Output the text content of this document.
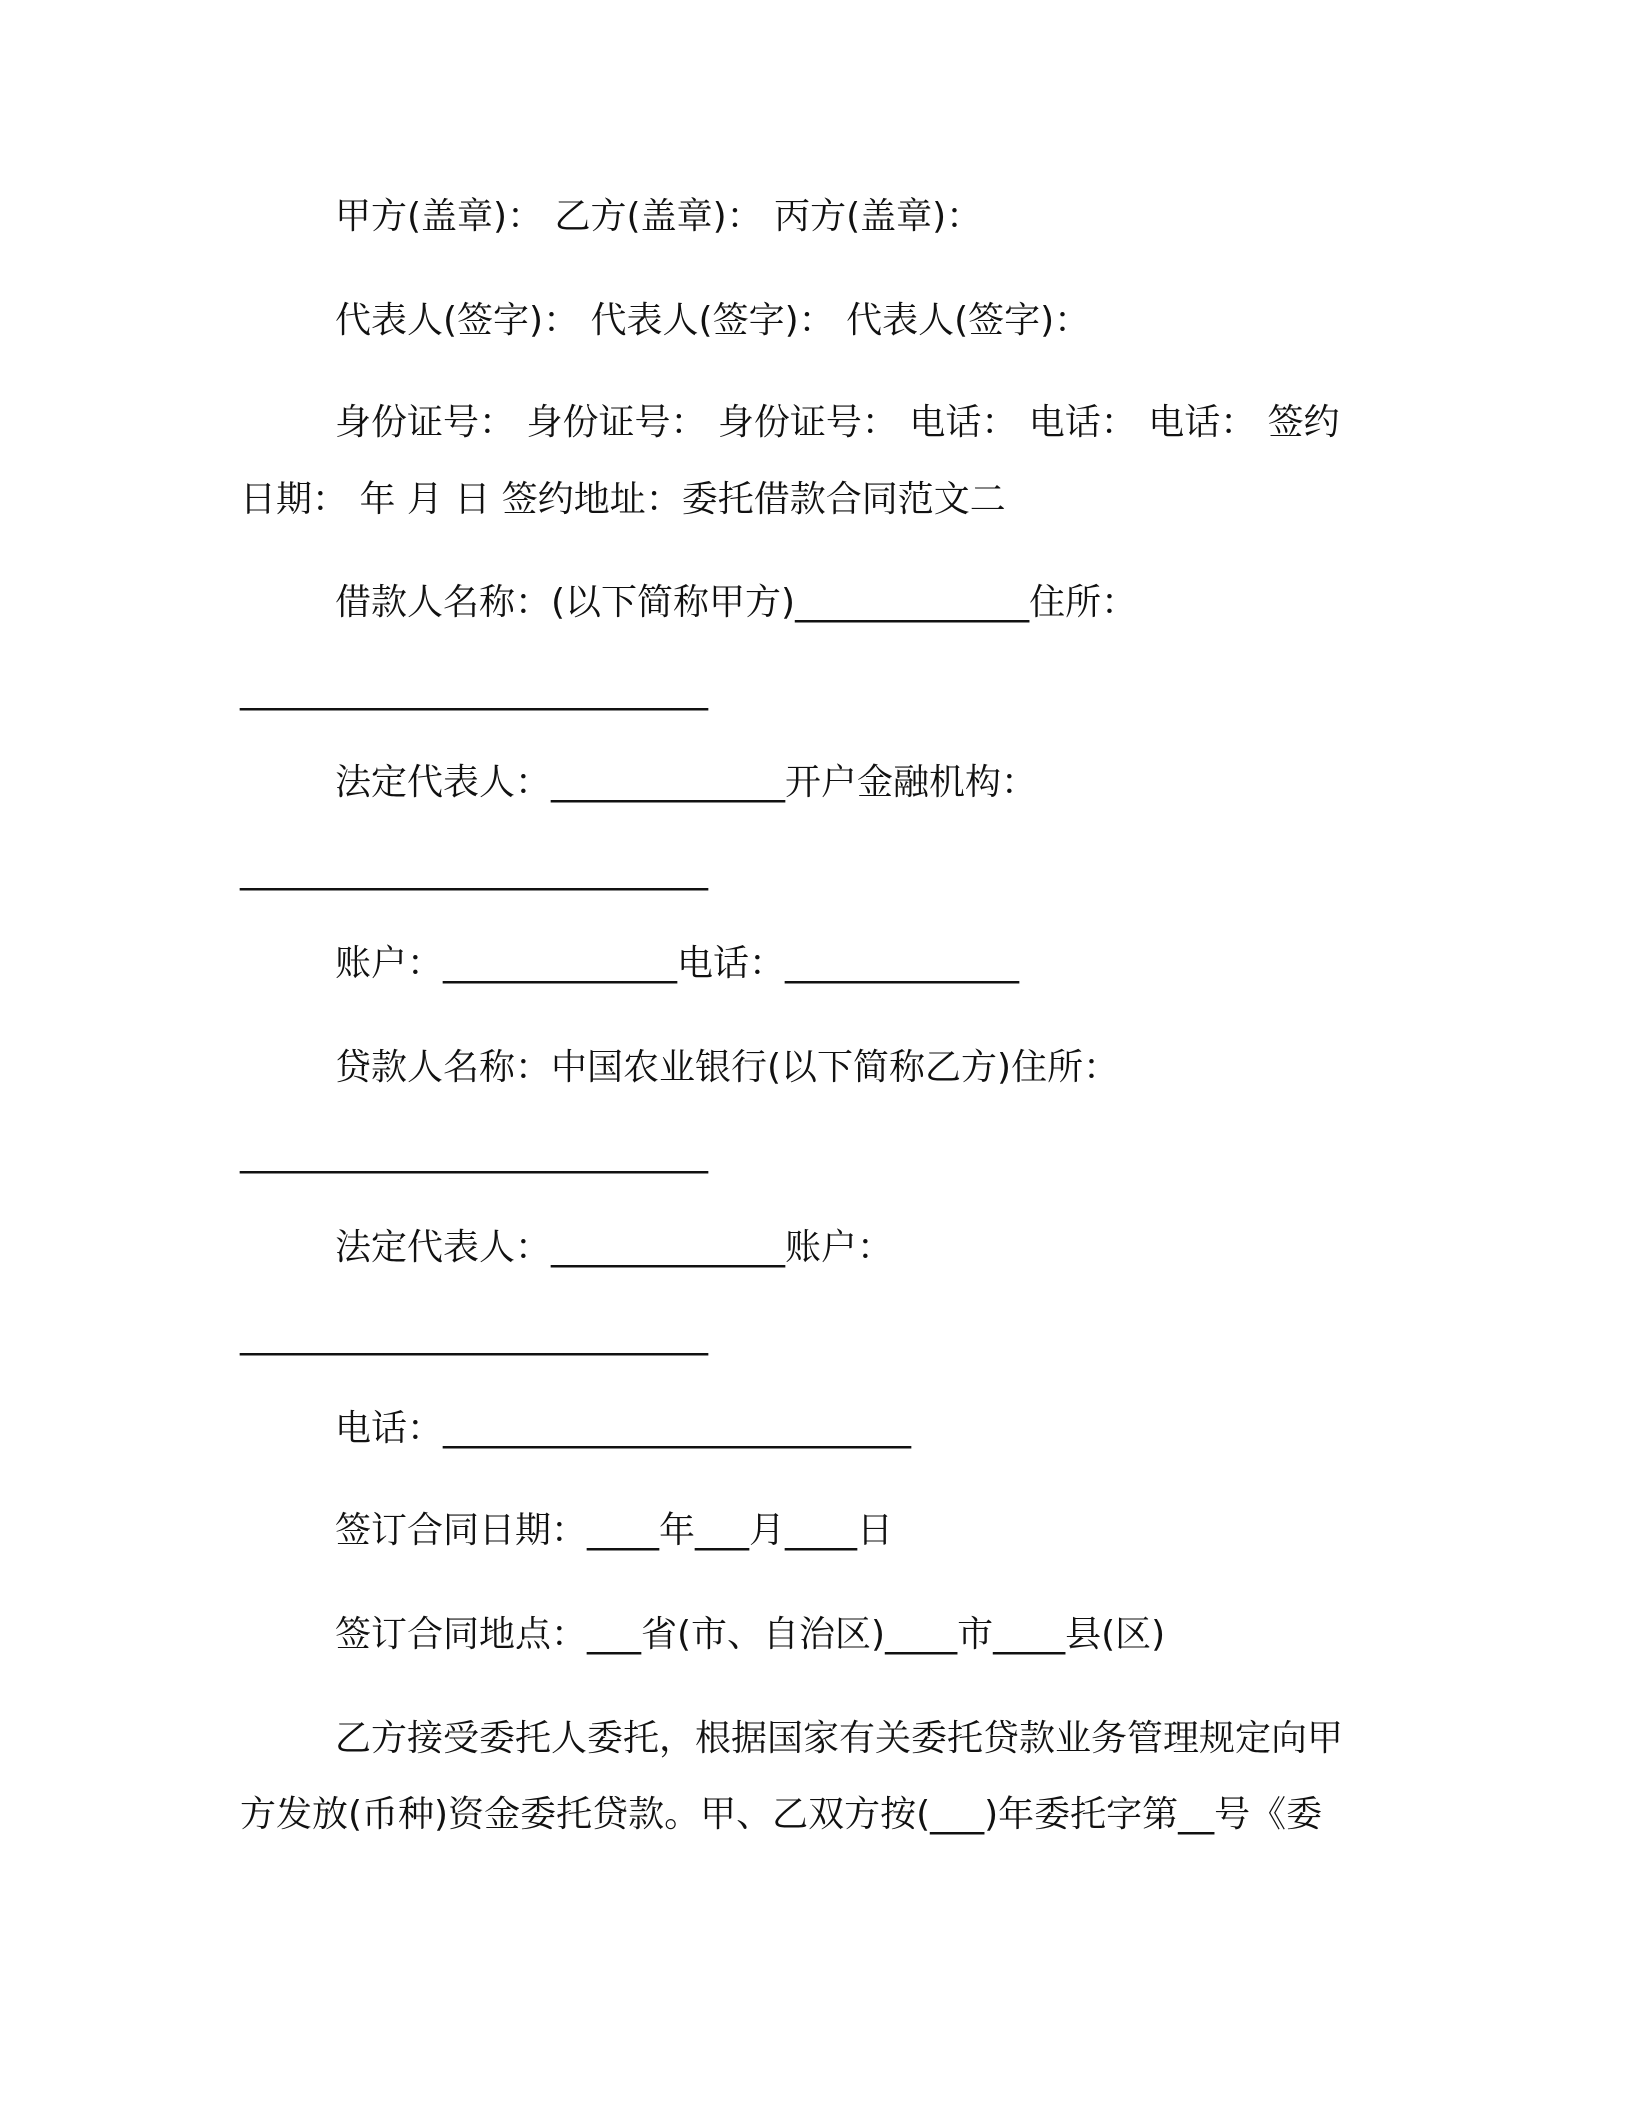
甲方(盖章)： 乙方(盖章)： 丙方(盖章)：
代表人(签字)： 代表人(签字)： 代表人(签字)：
身份证号： 身份证号： 身份证号： 电话： 电话： 电话： 签约
日期： 年 月 日 签约地址：委托借款合同范文二
借款人名称：(以下简称甲方)_____________住所：
__________________________
法定代表人：_____________开户金融机构：
__________________________
账户：_____________电话：_____________
贷款人名称：中国农业银行(以下简称乙方)住所：
__________________________
法定代表人：_____________账户：
__________________________
电话：__________________________
签订合同日期：____年___月____日
签订合同地点：___省(市、自治区)____市____县(区)
乙方接受委托人委托，根据国家有关委托贷款业务管理规定向甲
方发放(币种)资金委托贷款。甲、乙双方按(___)年委托字第__号《委
